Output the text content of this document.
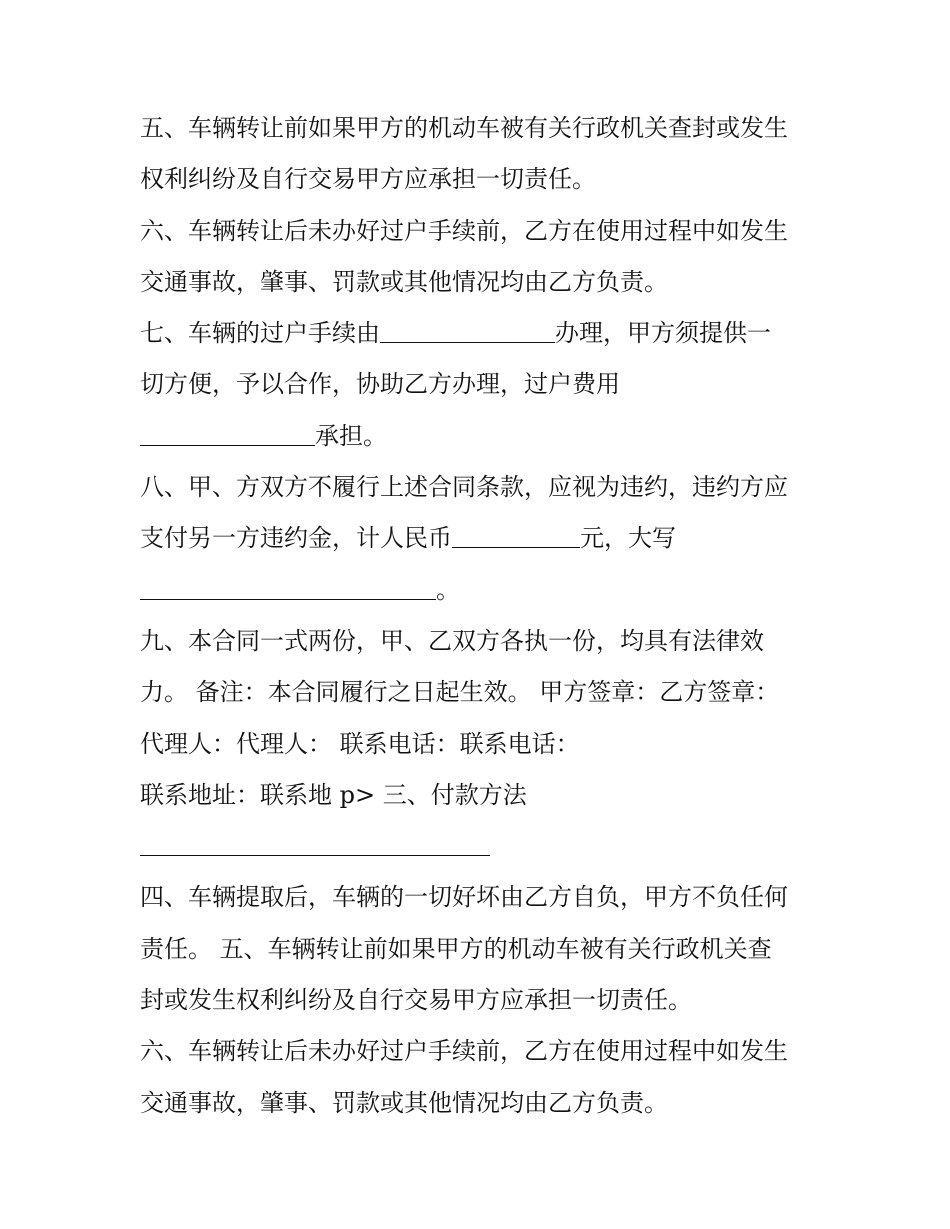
五、车辆转让前如果甲方的机动车被有关行政机关查封或发生

权利纠纷及自行交易甲方应承担一切责任。

六、车辆转让后未办好过户手续前，乙方在使用过程中如发生

交通事故，肇事、罚款或其他情况均由乙方负责。

七、车辆的过户手续由	办理，甲方须提供一

切方便，予以合作，协助乙方办理，过户费用

承担。

八、甲、方双方不履行上述合同条款，应视为违约，违约方应

支付另一方违约金，计人民币	元，大写

。

九、本合同一式两份，甲、乙双方各执一份，均具有法律效

力。 备注：本合同履行之日起生效。 甲方签章：乙方签章：

代理人：代理人： 联系电话：联系电话：

联系地址：联系地 p> 三、付款方法

四、车辆提取后，车辆的一切好坏由乙方自负，甲方不负任何

责任。 五、车辆转让前如果甲方的机动车被有关行政机关查

封或发生权利纠纷及自行交易甲方应承担一切责任。

六、车辆转让后未办好过户手续前，乙方在使用过程中如发生

交通事故，肇事、罚款或其他情况均由乙方负责。
